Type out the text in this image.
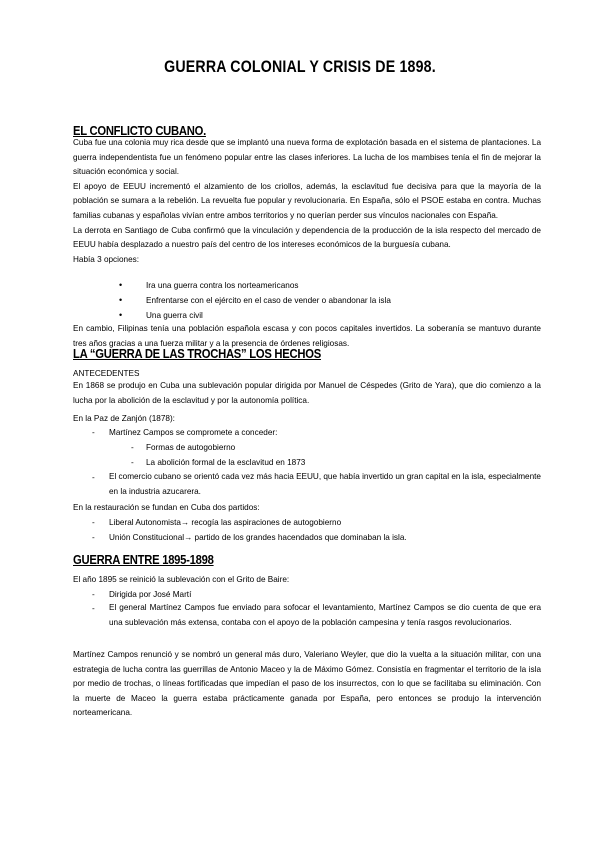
GUERRA COLONIAL Y CRISIS DE 1898.
EL CONFLICTO CUBANO.

Cuba fue una colonia muy rica desde que se implantó una nueva forma de explotación basada en el sistema de plantaciones. La guerra independentista fue un fenómeno popular entre las clases inferiores. La lucha de los mambises tenía el fin de mejorar la situación económica y social.

El apoyo de EEUU incrementó el alzamiento de los criollos, además, la esclavitud fue decisiva para que la mayoría de la población se sumara a la rebelión. La revuelta fue popular y revolucionaria. En España, sólo el PSOE estaba en contra. Muchas familias cubanas y españolas vivían entre ambos territorios y no querían perder sus vínculos nacionales con España.

La derrota en Santiago de Cuba confirmó que la vinculación y dependencia de la producción de la isla respecto del mercado de EEUU había desplazado a nuestro país del centro de los intereses económicos de la burguesía cubana.

Había 3 opciones:

•	Ira una guerra contra los norteamericanos
•	Enfrentarse con el ejército en el caso de vender o abandonar la isla
•	Una guerra civil
En cambio, Filipinas tenía una población española escasa y con pocos capitales invertidos. La soberanía se mantuvo durante tres años gracias a una fuerza militar y a la presencia de órdenes religiosas.
LA “GUERRA DE LAS TROCHAS” LOS HECHOS
ANTECEDENTES
En 1868 se produjo en Cuba una sublevación popular dirigida por Manuel de Céspedes (Grito de Yara), que dio comienzo a la lucha por la abolición de la esclavitud y por la autonomía política.
En la Paz de Zanjón (1878):
- Martínez Campos se compromete a conceder:
- Formas de autogobierno
- La abolición formal de la esclavitud en 1873
- El comercio cubano se orientó cada vez más hacia EEUU, que había invertido un gran capital en la isla, especialmente en la industria azucarera.
En la restauración se fundan en Cuba dos partidos:
- Liberal Autonomista→ recogía las aspiraciones de autogobierno
- Unión Constitucional→ partido de los grandes hacendados que dominaban la isla.
GUERRA ENTRE 1895-1898
El año 1895 se reinició la sublevación con el Grito de Baire:
- Dirigida por José Martí
- El general Martínez Campos fue enviado para sofocar el levantamiento, Martínez Campos se dio cuenta de que era una sublevación más extensa, contaba con el apoyo de la población campesina y tenía rasgos revolucionarios.
Martínez Campos renunció y se nombró un general más duro, Valeriano Weyler, que dio la vuelta a la situación militar, con una estrategia de lucha contra las guerrillas de Antonio Maceo y la de Máximo Gómez. Consistía en fragmentar el territorio de la isla por medio de trochas, o líneas fortificadas que impedían el paso de los insurrectos, con lo que se facilitaba su eliminación. Con la muerte de Maceo la guerra estaba prácticamente ganada por España, pero entonces se produjo la intervención norteamericana.
